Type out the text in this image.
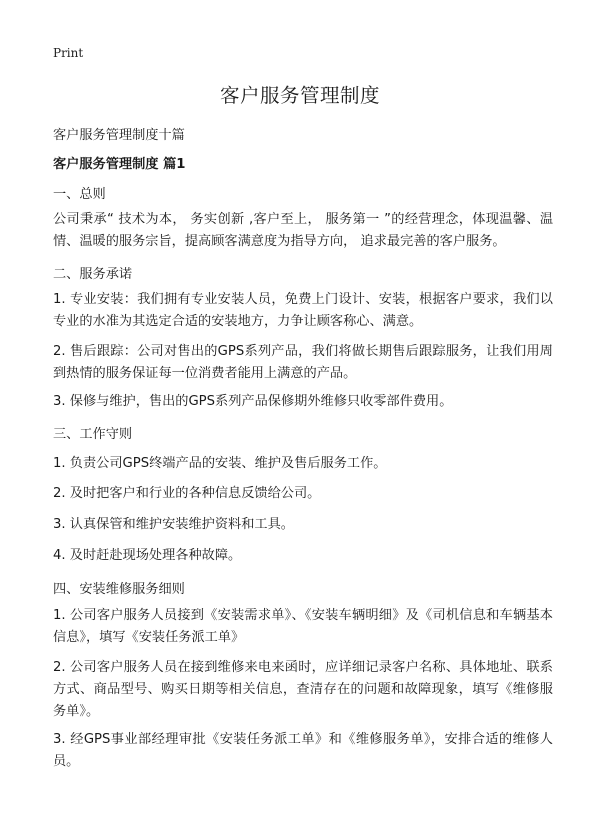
Print
客户服务管理制度
客户服务管理制度十篇
客户服务管理制度 篇1
一、总则
公司秉承“ 技术为本， 务实创新 ,客户至上， 服务第一 ”的经营理念，体现温馨、温情、温暖的服务宗旨，提高顾客满意度为指导方向， 追求最完善的客户服务。
二、服务承诺
1. 专业安装：我们拥有专业安装人员，免费上门设计、安装，根据客户要求，我们以专业的水准为其选定合适的安装地方，力争让顾客称心、满意。
2. 售后跟踪：公司对售出的GPS系列产品，我们将做长期售后跟踪服务，让我们用周到热情的服务保证每一位消费者能用上满意的产品。
3. 保修与维护，售出的GPS系列产品保修期外维修只收零部件费用。
三、工作守则
1. 负责公司GPS终端产品的安装、维护及售后服务工作。
2. 及时把客户和行业的各种信息反馈给公司。
3. 认真保管和维护安装维护资料和工具。
4. 及时赶赴现场处理各种故障。
四、安装维修服务细则
1. 公司客户服务人员接到《安装需求单》、《安装车辆明细》及《司机信息和车辆基本信息》，填写《安装任务派工单》
2. 公司客户服务人员在接到维修来电来函时，应详细记录客户名称、具体地址、联系方式、商品型号、购买日期等相关信息，查清存在的问题和故障现象，填写《维修服务单》。
3. 经GPS事业部经理审批《安装任务派工单》和《维修服务单》，安排合适的维修人员。
